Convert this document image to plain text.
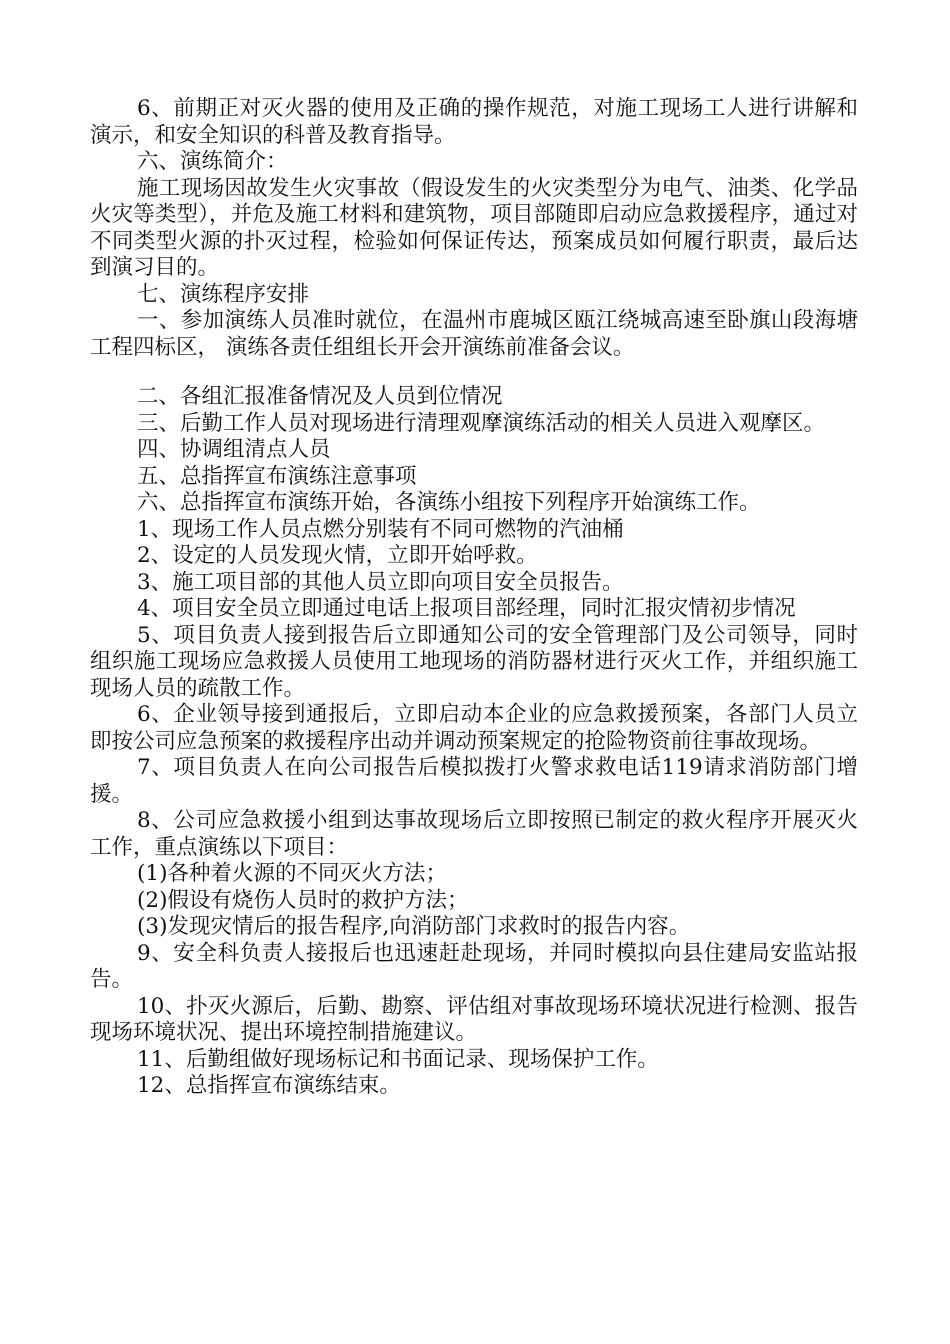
6、前期正对灭火器的使用及正确的操作规范，对施工现场工人进行讲解和演示，和安全知识的科普及教育指导。

六、演练简介：

施工现场因故发生火灾事故（假设发生的火灾类型分为电气、油类、化学品火灾等类型），并危及施工材料和建筑物，项目部随即启动应急救援程序，通过对不同类型火源的扑灭过程，检验如何保证传达，预案成员如何履行职责，最后达到演习目的。

七、演练程序安排

一、参加演练人员准时就位，在温州市鹿城区瓯江绕城高速至卧旗山段海塘工程四标区， 演练各责任组组长开会开演练前准备会议。

二、各组汇报准备情况及人员到位情况

三、后勤工作人员对现场进行清理观摩演练活动的相关人员进入观摩区。

四、协调组清点人员

五、总指挥宣布演练注意事项

六、总指挥宣布演练开始，各演练小组按下列程序开始演练工作。

1、现场工作人员点燃分别装有不同可燃物的汽油桶

2、设定的人员发现火情，立即开始呼救。

3、施工项目部的其他人员立即向项目安全员报告。

4、项目安全员立即通过电话上报项目部经理，同时汇报灾情初步情况

5、项目负责人接到报告后立即通知公司的安全管理部门及公司领导，同时组织施工现场应急救援人员使用工地现场的消防器材进行灭火工作，并组织施工现场人员的疏散工作。

6、企业领导接到通报后，立即启动本企业的应急救援预案，各部门人员立即按公司应急预案的救援程序出动并调动预案规定的抢险物资前往事故现场。

7、项目负责人在向公司报告后模拟拨打火警求救电话119请求消防部门增援。

8、公司应急救援小组到达事故现场后立即按照已制定的救火程序开展灭火工作，重点演练以下项目：

(1)各种着火源的不同灭火方法；

(2)假设有烧伤人员时的救护方法；

(3)发现灾情后的报告程序,向消防部门求救时的报告内容。

9、安全科负责人接报后也迅速赶赴现场，并同时模拟向县住建局安监站报告。

10、扑灭火源后，后勤、勘察、评估组对事故现场环境状况进行检测、报告现场环境状况、提出环境控制措施建议。

11、后勤组做好现场标记和书面记录、现场保护工作。

12、总指挥宣布演练结束。
